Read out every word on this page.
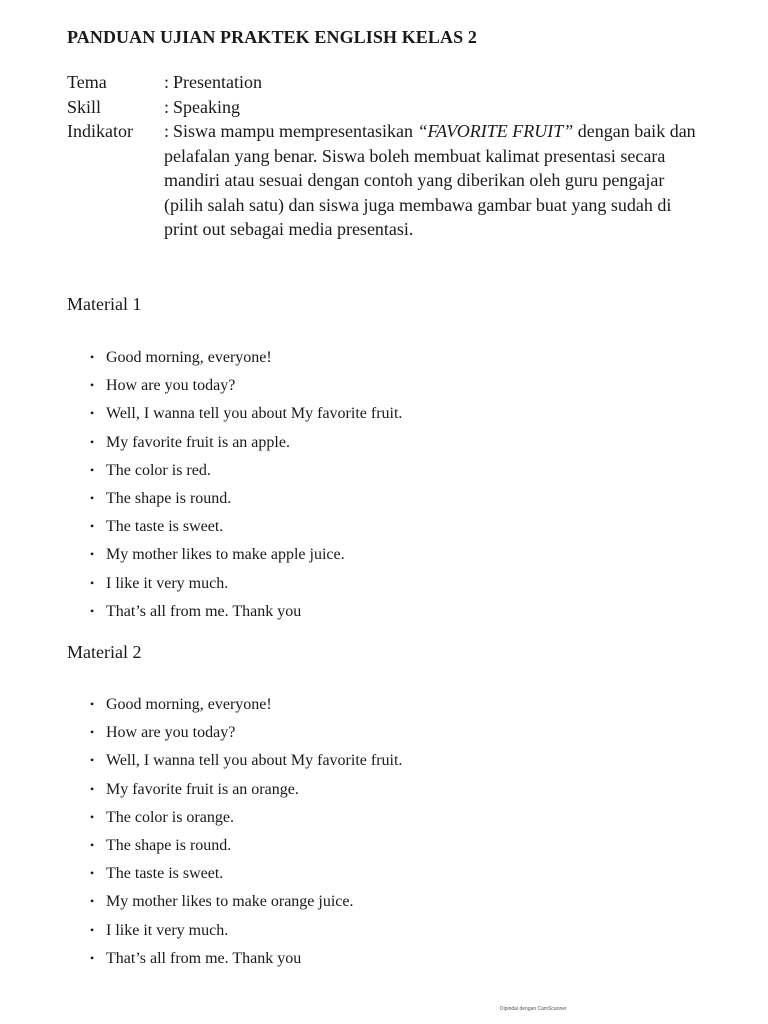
PANDUAN UJIAN PRAKTEK ENGLISH KELAS 2
Tema	: Presentation
Skill	: Speaking
Indikator : Siswa mampu mempresentasikan “FAVORITE FRUIT” dengan baik dan pelafalan yang benar. Siswa boleh membuat kalimat presentasi secara mandiri atau sesuai dengan contoh yang diberikan oleh guru pengajar (pilih salah satu) dan siswa juga membawa gambar buat yang sudah di print out sebagai media presentasi.
Material 1
• Good morning, everyone!
• How are you today?
• Well, I wanna tell you about My favorite fruit.
• My favorite fruit is an apple.
• The color is red.
• The shape is round.
• The taste is sweet.
• My mother likes to make apple juice.
• I like it very much.
• That’s all from me. Thank you
Material 2
• Good morning, everyone!
• How are you today?
• Well, I wanna tell you about My favorite fruit.
• My favorite fruit is an orange.
• The color is orange.
• The shape is round.
• The taste is sweet.
• My mother likes to make orange juice.
• I like it very much.
• That’s all from me. Thank you
Dipindai dengan CamScanner
